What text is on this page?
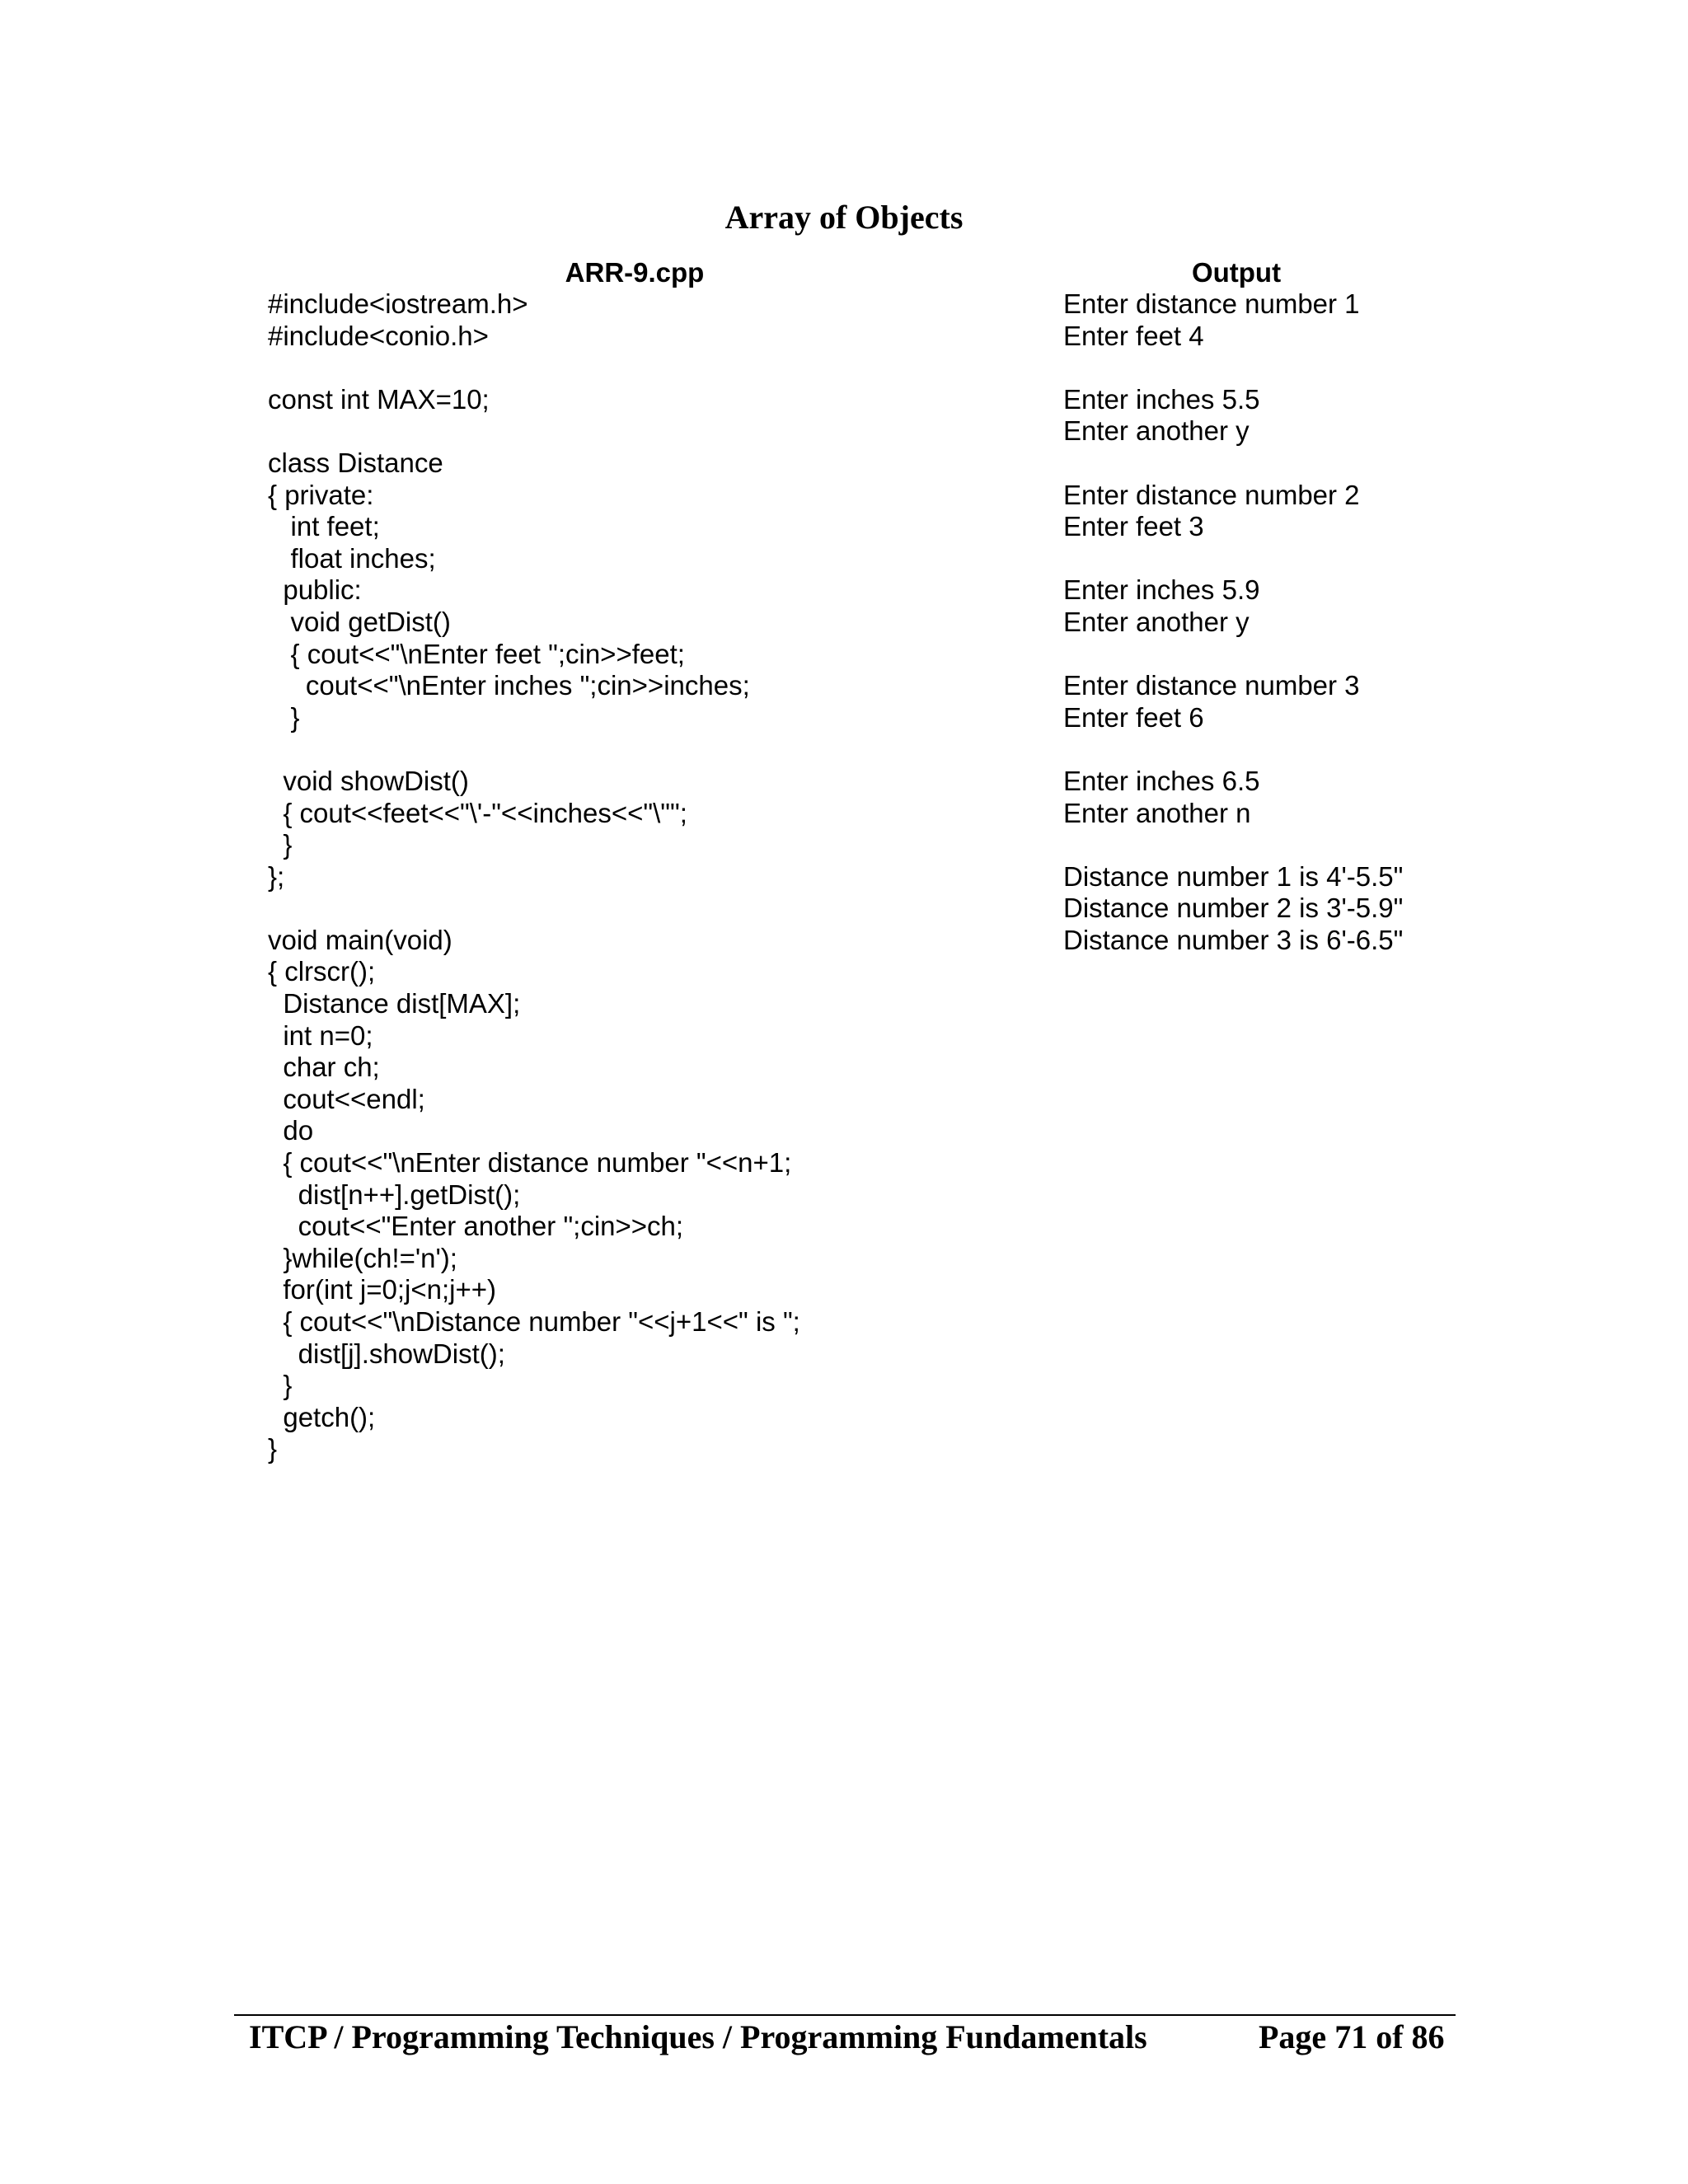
Array of Objects
ARR-9.cpp	Output
#include<iostream.h>
#include<conio.h>
const int MAX=10;
class Distance
{ private:
int feet;
float inches;
public:
void getDist()
{ cout<<"\nEnter feet ";cin>>feet;
cout<<"\nEnter inches ";cin>>inches;
}
void showDist()
{ cout<<feet<<"\'-"<<inches<<"\"";
}
};
void main(void)
{ clrscr();
Distance dist[MAX];
int n=0;
char ch;
cout<<endl;
do
{ cout<<"\nEnter distance number "<<n+1;
dist[n++].getDist();
cout<<"Enter another ";cin>>ch;
}while(ch!='n');
for(int j=0;j<n;j++)
{ cout<<"\nDistance number "<<j+1<<" is ";
dist[j].showDist();
}
getch();
}
Enter distance number 1
Enter feet 4
Enter inches 5.5
Enter another y
Enter distance number 2
Enter feet 3
Enter inches 5.9
Enter another y
Enter distance number 3
Enter feet 6
Enter inches 6.5
Enter another n
Distance number 1 is 4'-5.5"
Distance number 2 is 3'-5.9"
Distance number 3 is 6'-6.5"
ITCP / Programming Techniques / Programming Fundamentals	Page 71 of 86
